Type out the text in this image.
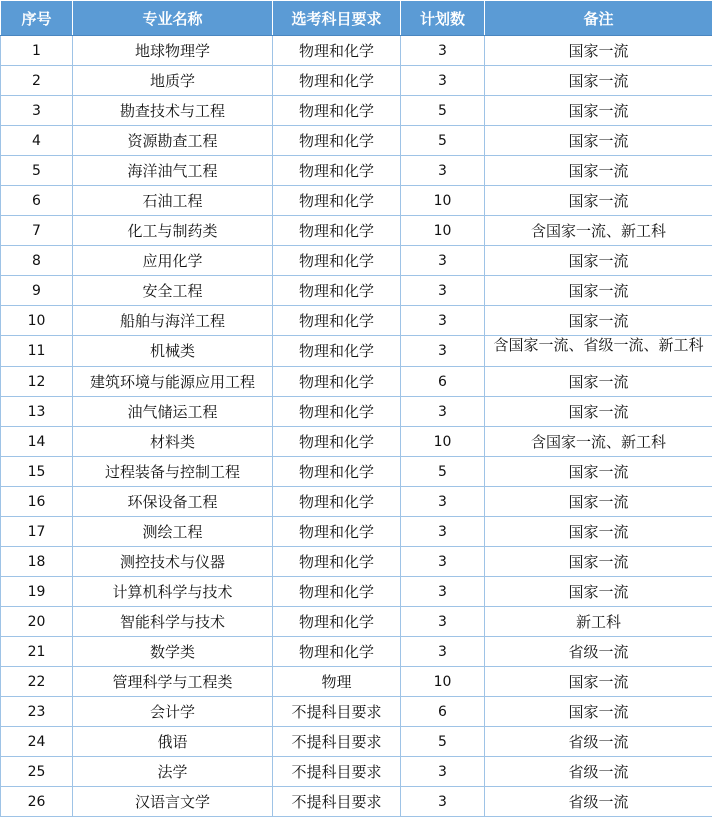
序号	专业名称	选考科目要求	计划数	备注
1	地球物理学	物理和化学	3	国家一流
2	地质学	物理和化学	3	国家一流
3	勘查技术与工程	物理和化学	5	国家一流
4	资源勘查工程	物理和化学	5	国家一流
5	海洋油气工程	物理和化学	3	国家一流
6	石油工程	物理和化学	10	国家一流
7	化工与制药类	物理和化学	10	含国家一流、新工科
8	应用化学	物理和化学	3	国家一流
9	安全工程	物理和化学	3	国家一流
10	船舶与海洋工程	物理和化学	3	国家一流
11	机械类	物理和化学	3	含国家一流、省级一流、新工科
12	建筑环境与能源应用工程	物理和化学	6	国家一流
13	油气储运工程	物理和化学	3	国家一流
14	材料类	物理和化学	10	含国家一流、新工科
15	过程装备与控制工程	物理和化学	5	国家一流
16	环保设备工程	物理和化学	3	国家一流
17	测绘工程	物理和化学	3	国家一流
18	测控技术与仪器	物理和化学	3	国家一流
19	计算机科学与技术	物理和化学	3	国家一流
20	智能科学与技术	物理和化学	3	新工科
21	数学类	物理和化学	3	省级一流
22	管理科学与工程类	物理	10	国家一流
23	会计学	不提科目要求	6	国家一流
24	俄语	不提科目要求	5	省级一流
25	法学	不提科目要求	3	省级一流
26	汉语言文学	不提科目要求	3	省级一流
